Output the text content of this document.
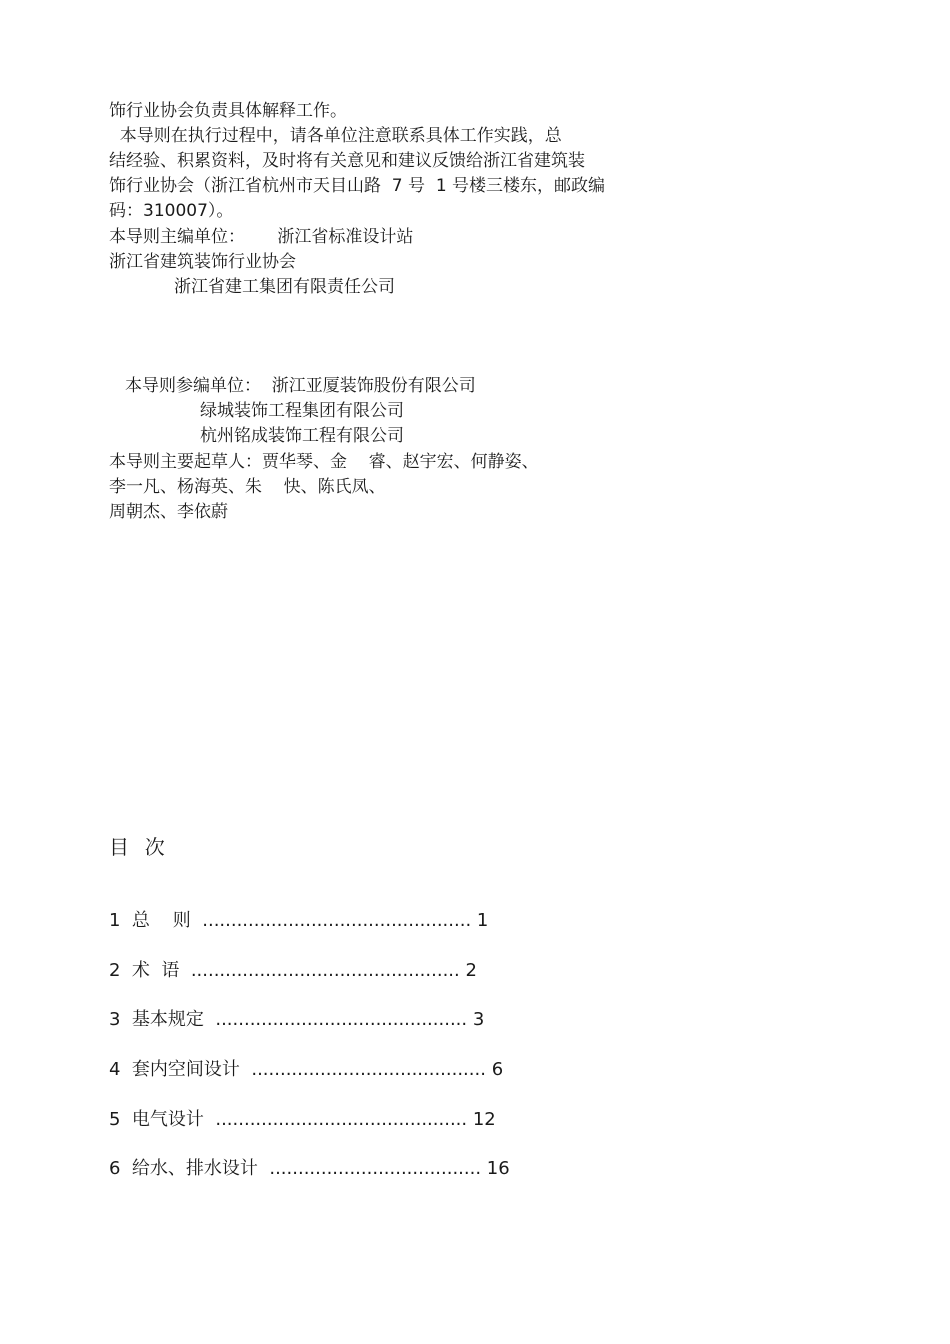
饰行业协会负责具体解释工作。
本导则在执行过程中，请各单位注意联系具体工作实践，总
结经验、积累资料，及时将有关意见和建议反馈给浙江省建筑装
饰行业协会（浙江省杭州市天目山路  7 号  1 号楼三楼东，邮政编
码：310007）。
本导则主编单位：      浙江省标准设计站
浙江省建筑装饰行业协会
浙江省建工集团有限责任公司
本导则参编单位：  浙江亚厦装饰股份有限公司
绿城装饰工程集团有限公司
杭州铭成装饰工程有限公司
本导则主要起草人：贾华琴、金    睿、赵宇宏、何静姿、
李一凡、杨海英、朱    快、陈氏凤、
周朝杰、李依蔚
目  次
1 总    则 ............................................... 1
2 术  语 ............................................... 2
3 基本规定 ............................................ 3
4 套内空间设计 ......................................... 6
5 电气设计 ............................................ 12
6 给水、排水设计 ..................................... 16
